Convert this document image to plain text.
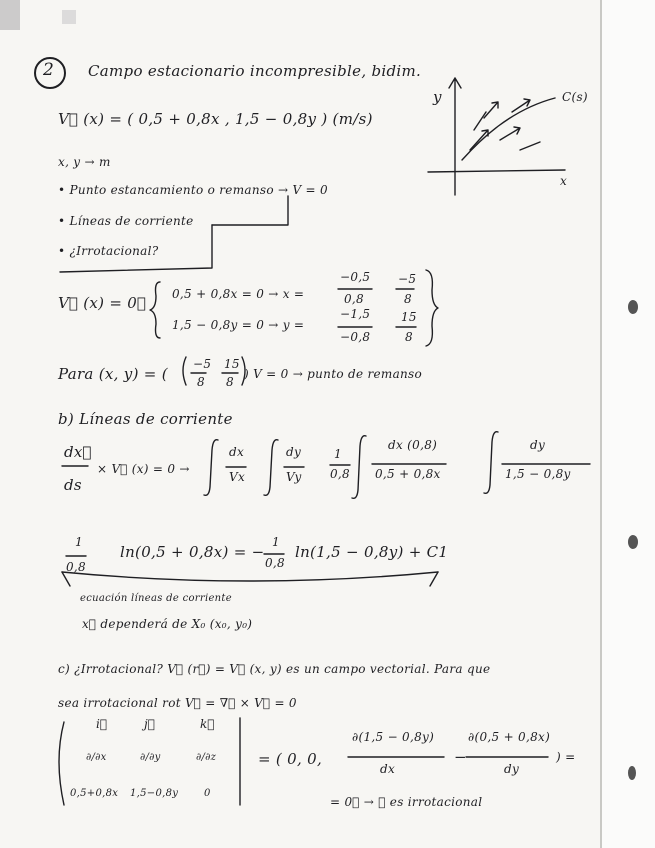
2 Campo estacionario incompresible, bidim.
V⃗ (x) = ( 0,5 + 0,8x , 1,5 − 0,8y ) (m/s)
x, y → m
• Punto estancamiento o remanso → V = 0
• Líneas de corriente
• ¿Irrotacional?
y
x
C(s)
V⃗ (x) = 0⃗ 0,5 + 0,8x = 0 → x =
−0,5
0,8
−5
8
1,5 − 0,8y = 0 → y =
−1,5
−0,8
15
8
Para (x, y) = (
−5
8
15
8
) V = 0 → punto de remanso
b) Líneas de corriente
dx⃗
ds
× V⃗ (x) = 0 →
dx
Vx
dy
Vy
1
0,8
dx (0,8)
0,5 + 0,8x
dy
1,5 − 0,8y
1
0,8
ln(0,5 + 0,8x) = −
1
0,8
ln(1,5 − 0,8y) + C1
ecuación líneas de corriente
x⃗ dependerá de X₀ (x₀, y₀)
c) ¿Irrotacional? V⃗ (r⃗) = V⃗ (x, y) es un campo vectorial. Para que
sea irrotacional rot V⃗ = ∇⃗ × V⃗ = 0
i⃗	j⃗	k⃗
∂/∂x	∂/∂y	∂/∂z
0,5+0,8x 1,5−0,8y	0
= ( 0, 0,
∂(1,5 − 0,8y)
dx
−
∂(0,5 + 0,8x)
dy
) =
= 0⃗ → ✓ es irrotacional
